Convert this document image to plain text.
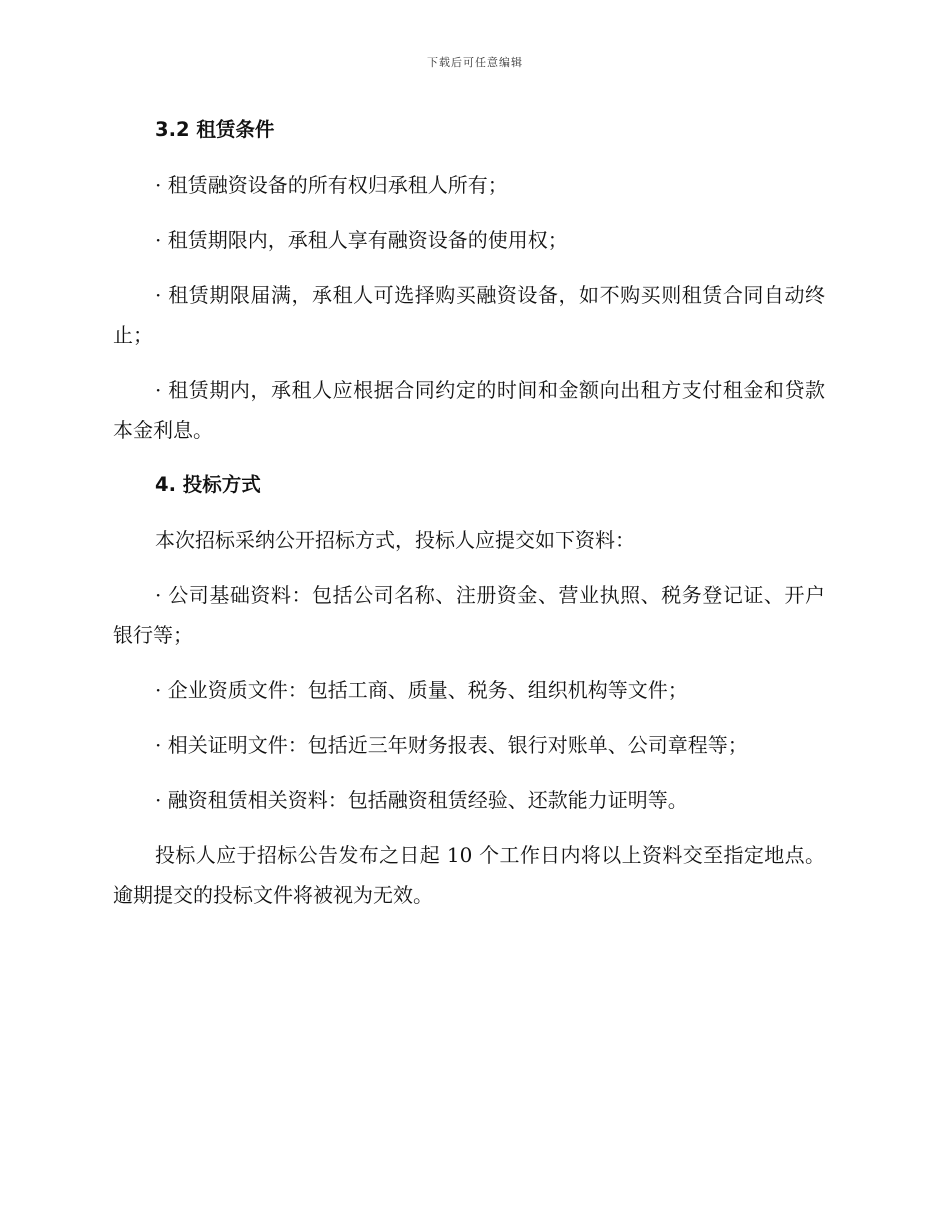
下载后可任意编辑
3.2 租赁条件
· 租赁融资设备的所有权归承租人所有；
· 租赁期限内，承租人享有融资设备的使用权；
· 租赁期限届满，承租人可选择购买融资设备，如不购买则租赁合同自动终止；
· 租赁期内，承租人应根据合同约定的时间和金额向出租方支付租金和贷款本金利息。
4. 投标方式
本次招标采纳公开招标方式，投标人应提交如下资料：
· 公司基础资料：包括公司名称、注册资金、营业执照、税务登记证、开户银行等；
· 企业资质文件：包括工商、质量、税务、组织机构等文件；
· 相关证明文件：包括近三年财务报表、银行对账单、公司章程等；
· 融资租赁相关资料：包括融资租赁经验、还款能力证明等。
投标人应于招标公告发布之日起 10 个工作日内将以上资料交至指定地点。逾期提交的投标文件将被视为无效。
